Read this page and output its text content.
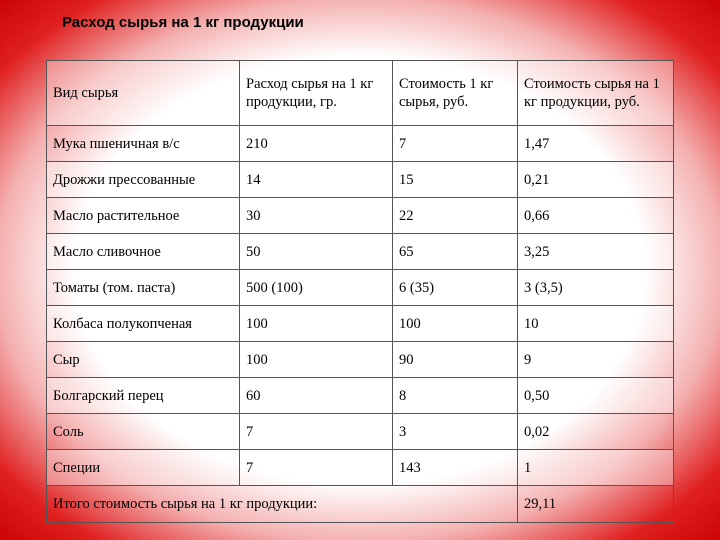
Расход сырья на 1 кг продукции
Вид сырья	Расход сырья на 1 кг продукции, гр.	Стоимость 1 кг сырья, руб.	Стоимость сырья на 1 кг продукции, руб.
Мука пшеничная в/с	210	7	1,47
Дрожжи прессованные	14	15	0,21
Масло растительное	30	22	0,66
Масло сливочное	50	65	3,25
Томаты (том. паста)	500 (100)	6 (35)	3 (3,5)
Колбаса полукопченая	100	100	10
Сыр	100	90	9
Болгарский перец	60	8	0,50
Соль	7	3	0,02
Специи	7	143	1
Итого стоимость сырья на 1 кг продукции:			29,11
